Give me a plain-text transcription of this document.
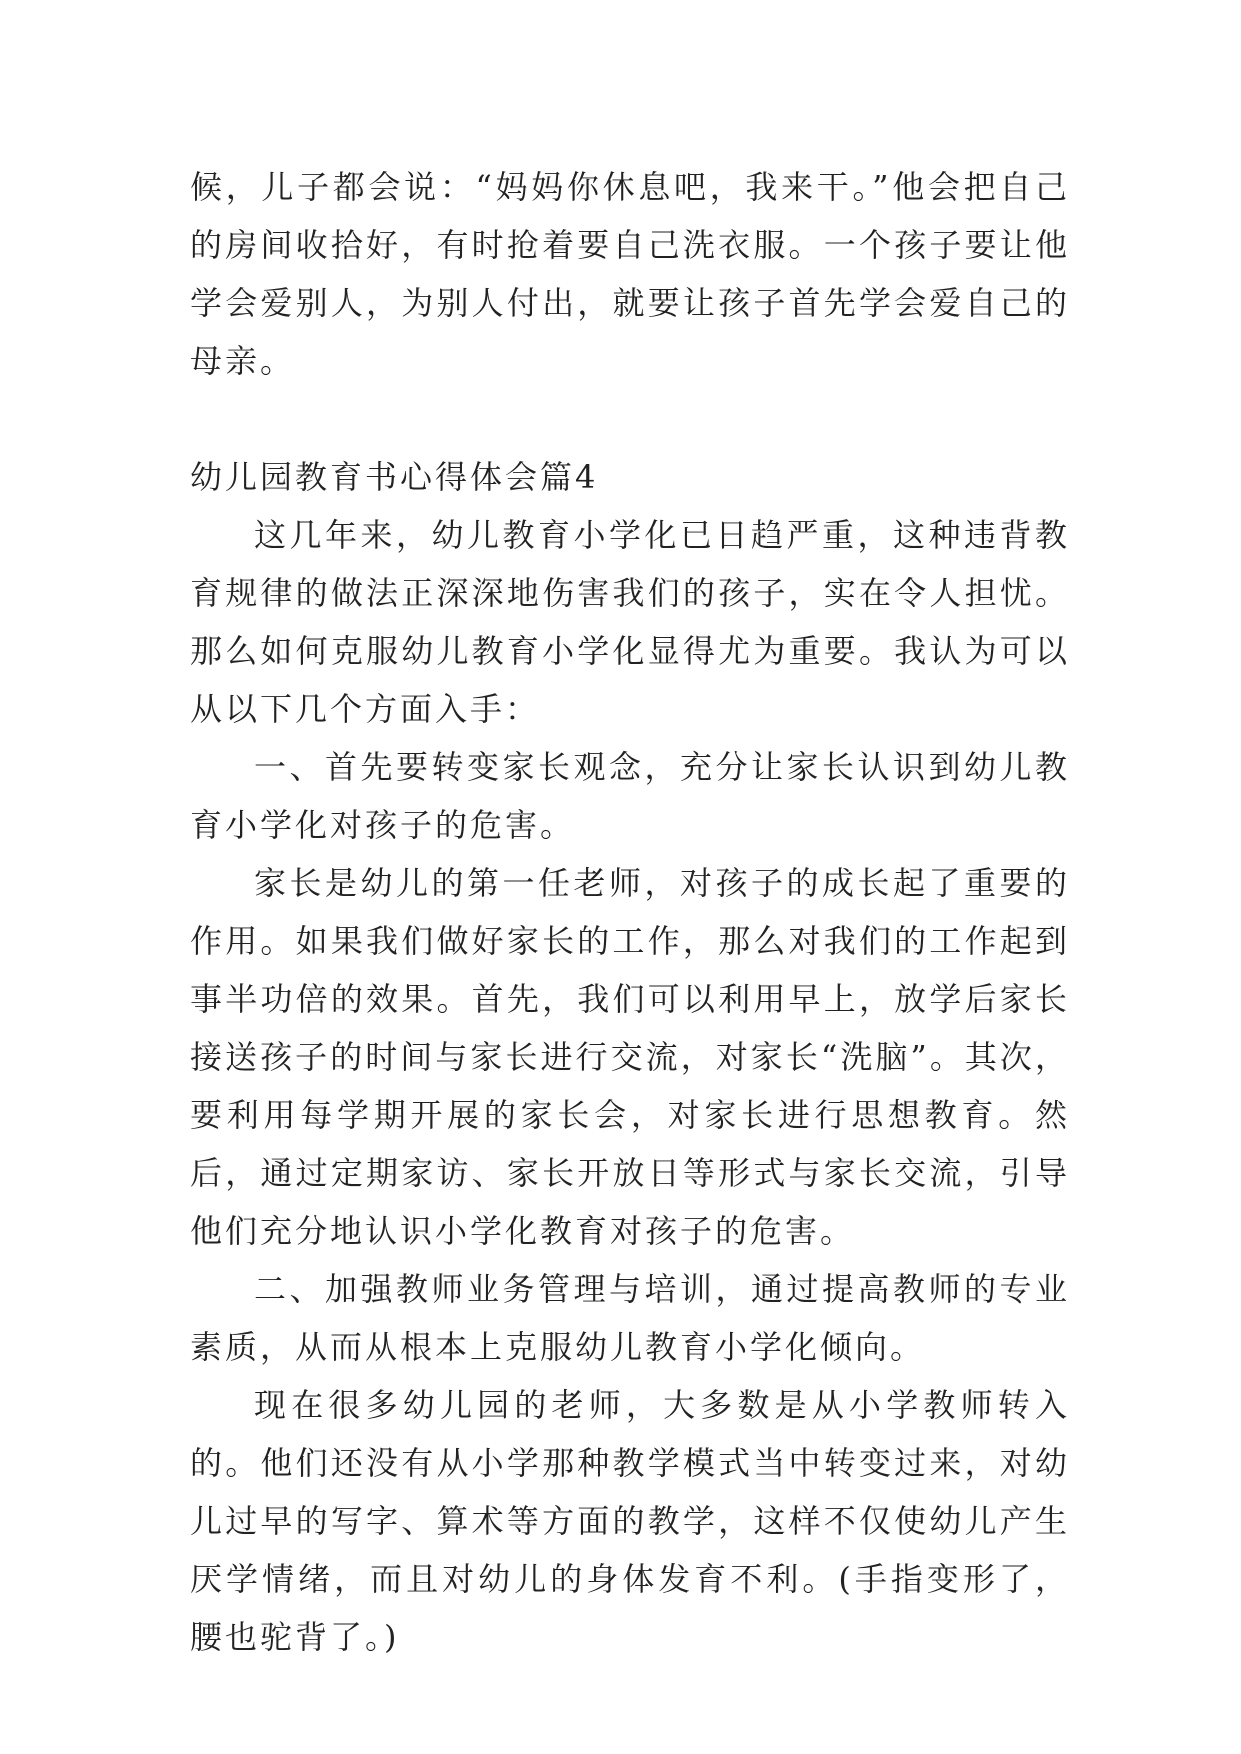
候，儿子都会说：“妈妈你休息吧，我来干。”他会把自己的房间收拾好，有时抢着要自己洗衣服。一个孩子要让他学会爱别人，为别人付出，就要让孩子首先学会爱自己的母亲。

幼儿园教育书心得体会篇4

这几年来，幼儿教育小学化已日趋严重，这种违背教育规律的做法正深深地伤害我们的孩子，实在令人担忧。那么如何克服幼儿教育小学化显得尤为重要。我认为可以从以下几个方面入手：

一、首先要转变家长观念，充分让家长认识到幼儿教育小学化对孩子的危害。

家长是幼儿的第一任老师，对孩子的成长起了重要的作用。如果我们做好家长的工作，那么对我们的工作起到事半功倍的效果。首先，我们可以利用早上，放学后家长接送孩子的时间与家长进行交流，对家长“洗脑”。其次，要利用每学期开展的家长会，对家长进行思想教育。然后，通过定期家访、家长开放日等形式与家长交流，引导他们充分地认识小学化教育对孩子的危害。

二、加强教师业务管理与培训，通过提高教师的专业素质，从而从根本上克服幼儿教育小学化倾向。

现在很多幼儿园的老师，大多数是从小学教师转入的。他们还没有从小学那种教学模式当中转变过来，对幼儿过早的写字、算术等方面的教学，这样不仅使幼儿产生厌学情绪，而且对幼儿的身体发育不利。(手指变形了，腰也驼背了。)
